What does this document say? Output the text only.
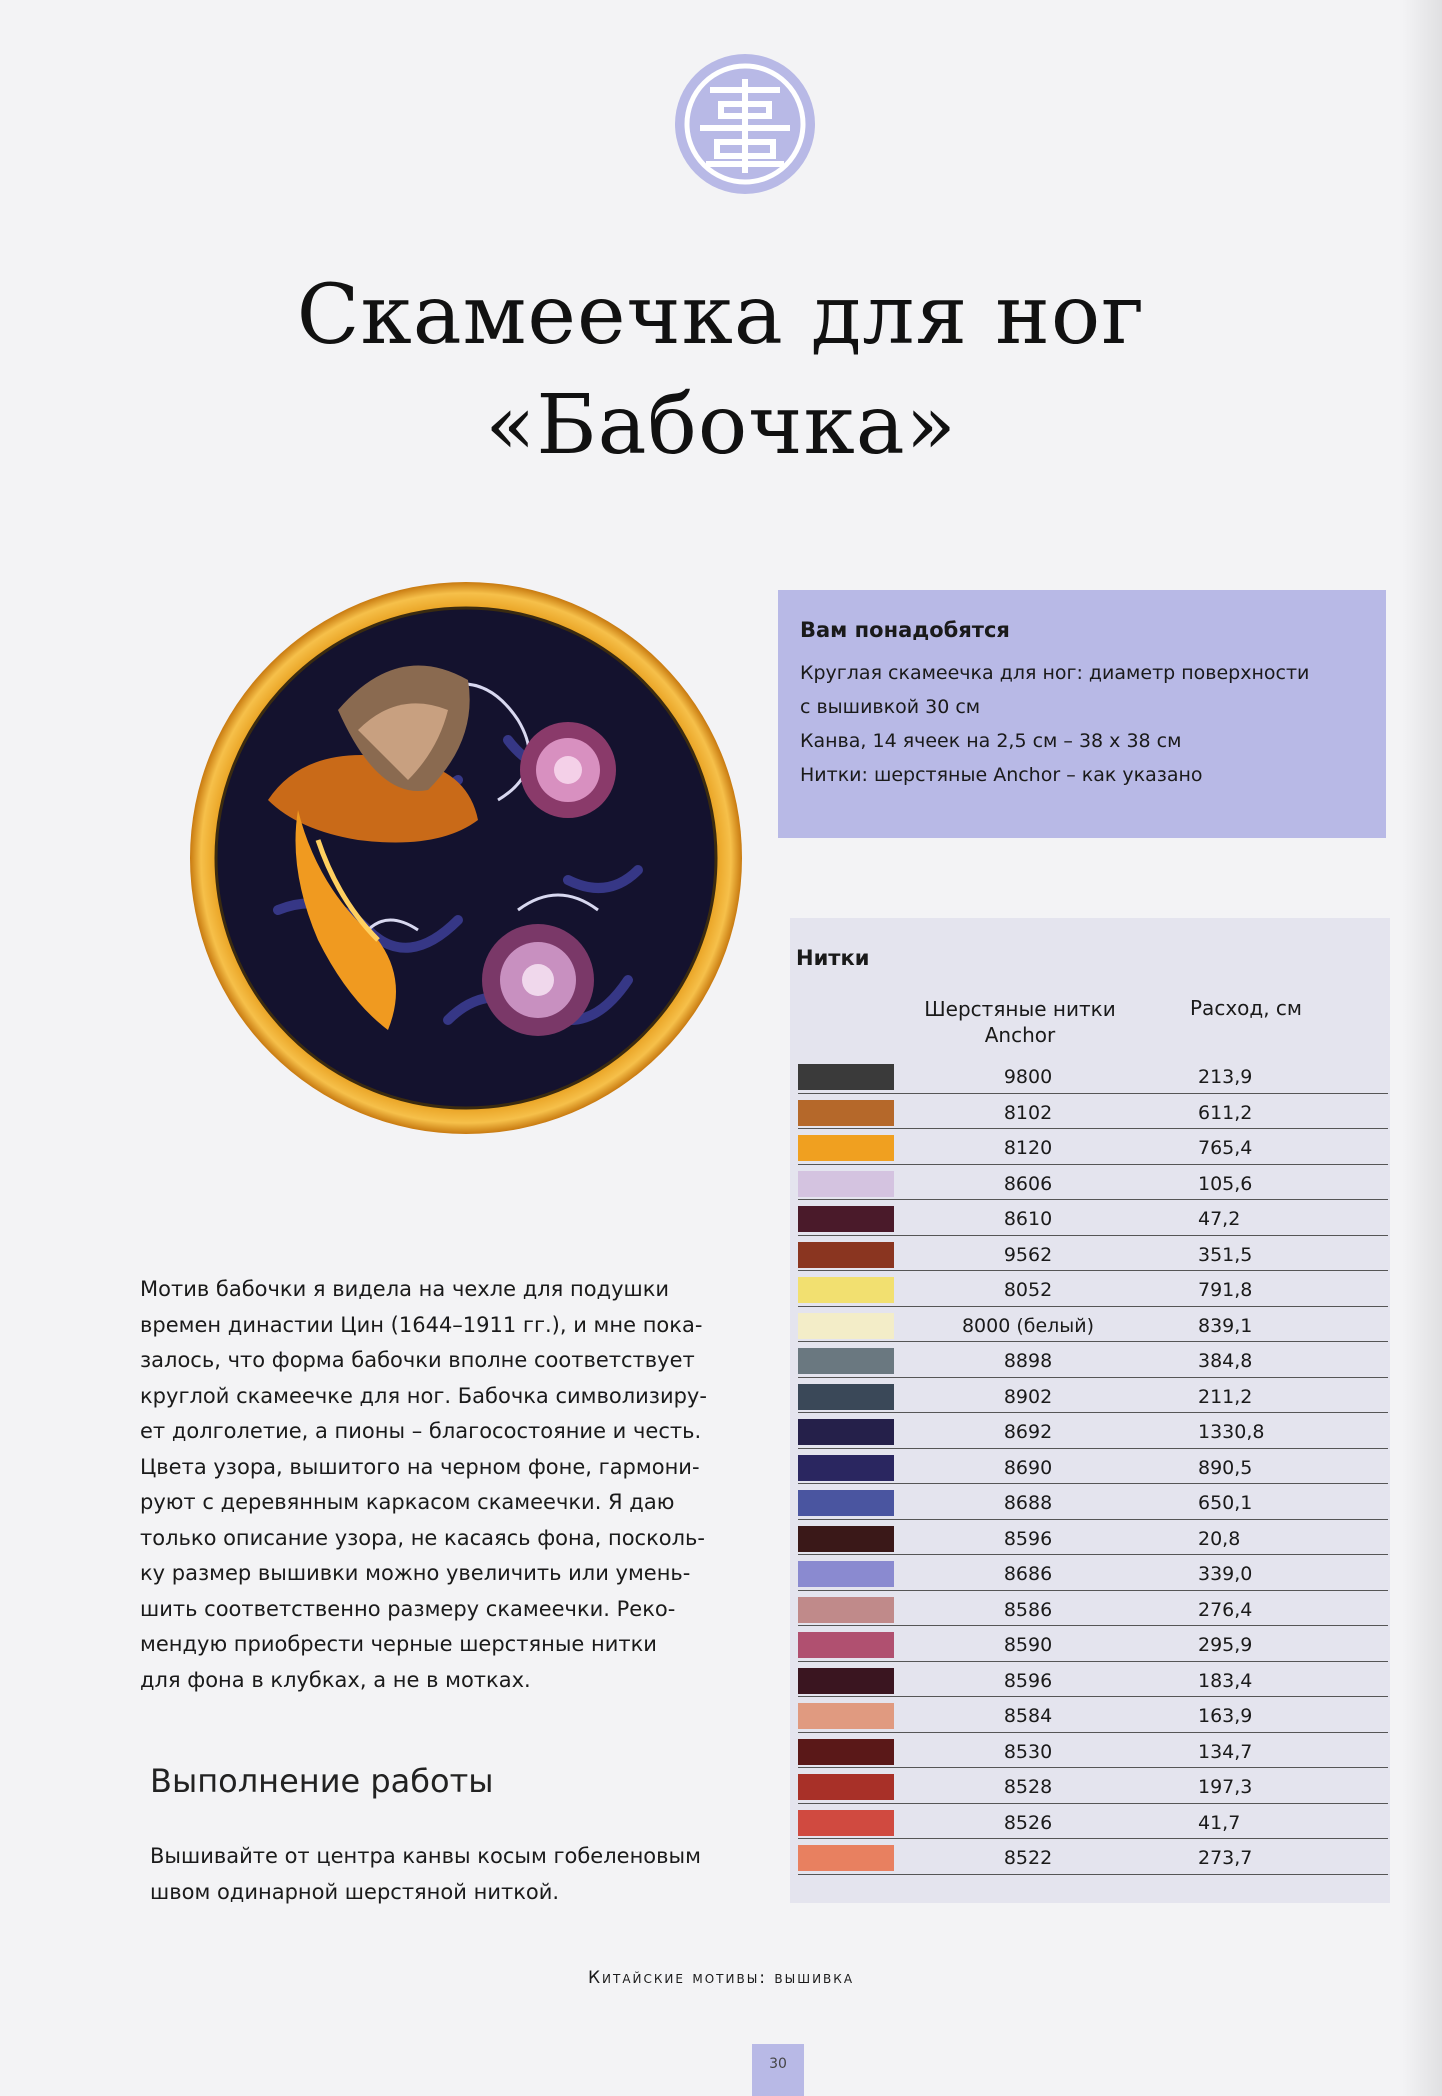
Скамеечка для ног
«Бабочка»
Вам понадобятся
Круглая скамеечка для ног: диаметр поверхности
с вышивкой 30 см
Канва, 14 ячеек на 2,5 см – 38 х 38 см
Нитки: шерстяные Anchor – как указано
Нитки
Шерстяные нитки
Anchor
Расход, см
9800	213,9
8102	611,2
8120	765,4
8606	105,6
8610	47,2
9562	351,5
8052	791,8
8000 (белый)	839,1
8898	384,8
8902	211,2
8692	1330,8
8690	890,5
8688	650,1
8596	20,8
8686	339,0
8586	276,4
8590	295,9
8596	183,4
8584	163,9
8530	134,7
8528	197,3
8526	41,7
8522	273,7

Мотив бабочки я видела на чехле для подушки

времен династии Цин (1644–1911 гг.), и мне пока-

залось, что форма бабочки вполне соответствует

круглой скамеечке для ног. Бабочка символизиру-

ет долголетие, а пионы – благосостояние и честь.

Цвета узора, вышитого на черном фоне, гармони-

руют с деревянным каркасом скамеечки. Я даю

только описание узора, не касаясь фона, посколь-

ку размер вышивки можно увеличить или умень-

шить соответственно размеру скамеечки. Реко-

мендую приобрести черные шерстяные нитки

для фона в клубках, а не в мотках.

Выполнение работы
Вышивайте от центра канвы косым гобеленовым
швом одинарной шерстяной ниткой.
Китайские мотивы: вышивка
30
